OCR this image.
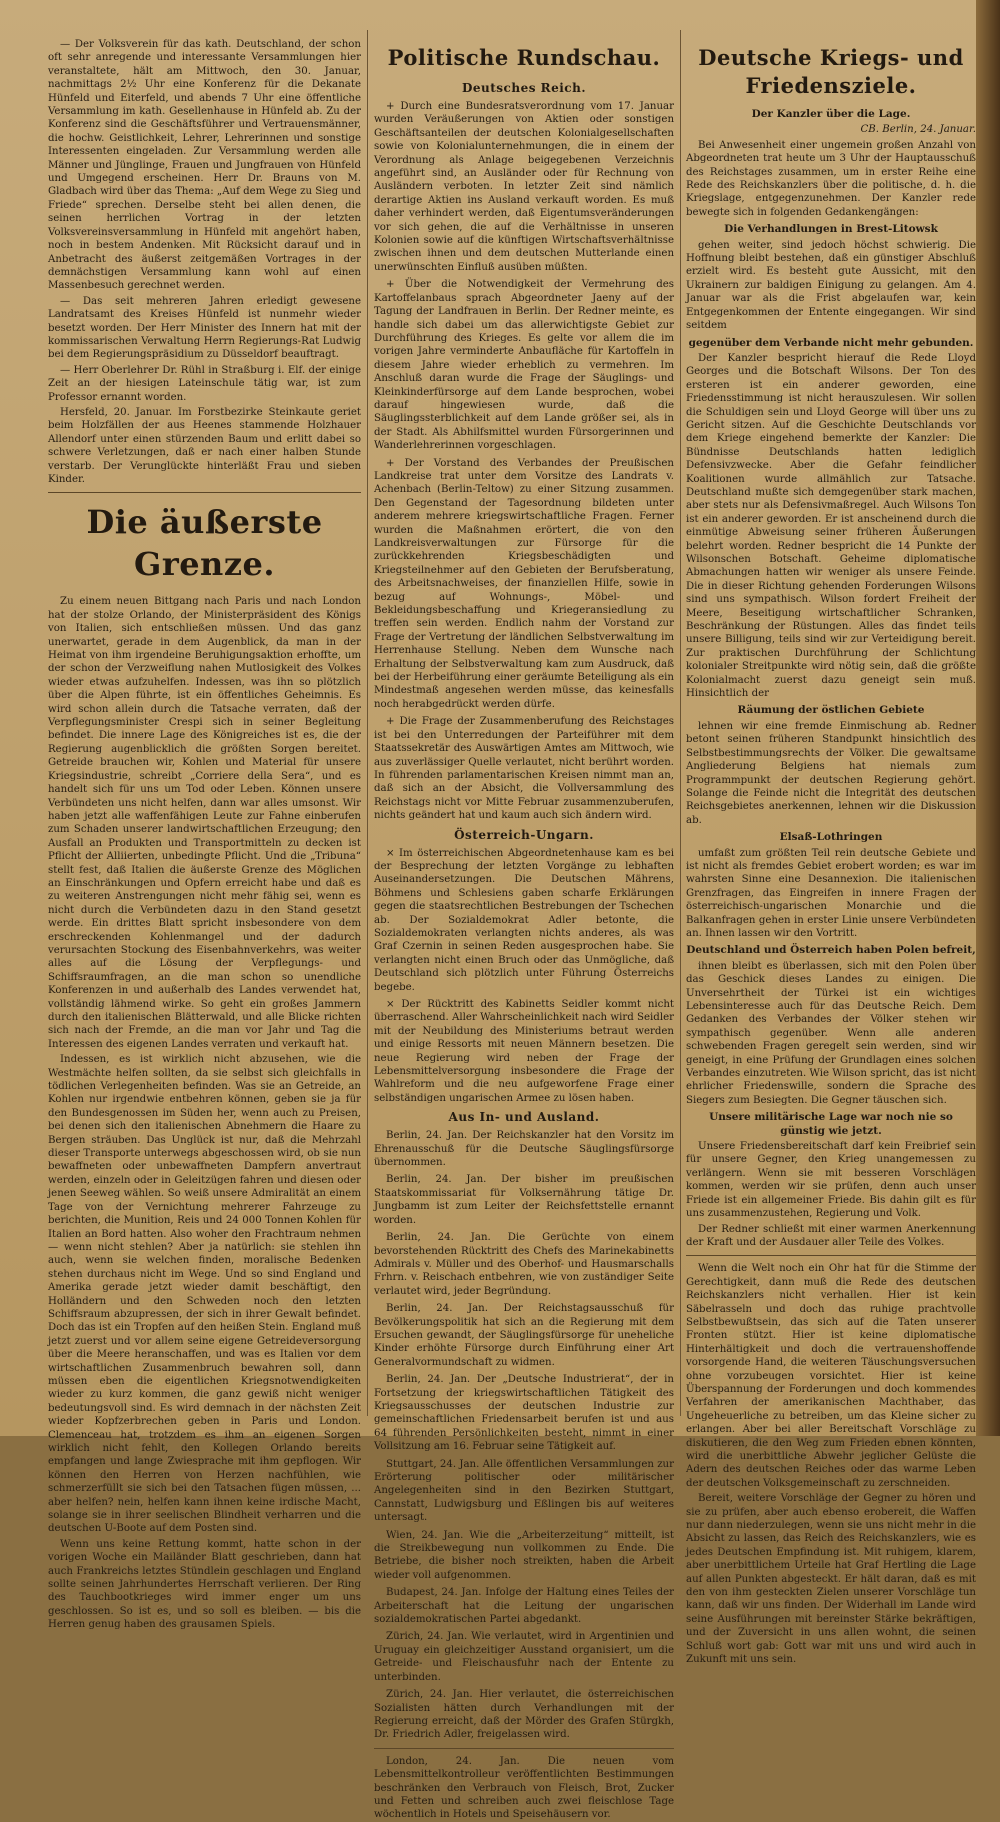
— Der Volksverein für das kath. Deutschland, der schon oft sehr anregende und interessante Versammlungen hier veranstaltete, hält am Mittwoch, den 30. Januar, nachmittags 2½ Uhr eine Konferenz für die Dekanate Hünfeld und Eiterfeld, und abends 7 Uhr eine öffentliche Versammlung im kath. Gesellenhause in Hünfeld ab. Zu der Konferenz sind die Geschäftsführer und Vertrauensmänner, die hochw. Geistlichkeit, Lehrer, Lehrerinnen und sonstige Interessenten eingeladen. Zur Versammlung werden alle Männer und Jünglinge, Frauen und Jungfrauen von Hünfeld und Umgegend erscheinen. Herr Dr. Brauns von M. Gladbach wird über das Thema: „Auf dem Wege zu Sieg und Friede“ sprechen. Derselbe steht bei allen denen, die seinen herrlichen Vortrag in der letzten Volksvereinsversammlung in Hünfeld mit angehört haben, noch in bestem Andenken. Mit Rücksicht darauf und in Anbetracht des äußerst zeitgemäßen Vortrages in der demnächstigen Versammlung kann wohl auf einen Massenbesuch gerechnet werden.

— Das seit mehreren Jahren erledigt gewesene Landratsamt des Kreises Hünfeld ist nunmehr wieder besetzt worden. Der Herr Minister des Innern hat mit der kommissarischen Verwaltung Herrn Regierungs-Rat Ludwig bei dem Regierungspräsidium zu Düsseldorf beauftragt.

— Herr Oberlehrer Dr. Rühl in Straßburg i. Elf. der einige Zeit an der hiesigen Lateinschule tätig war, ist zum Professor ernannt worden.

Hersfeld, 20. Januar. Im Forstbezirke Steinkaute geriet beim Holzfällen der aus Heenes stammende Holzhauer Allendorf unter einen stürzenden Baum und erlitt dabei so schwere Verletzungen, daß er nach einer halben Stunde verstarb. Der Verunglückte hinterläßt Frau und sieben Kinder.

Die äußerste Grenze.

Zu einem neuen Bittgang nach Paris und nach London hat der stolze Orlando, der Ministerpräsident des Königs von Italien, sich entschließen müssen. Und das ganz unerwartet, gerade in dem Augenblick, da man in der Heimat von ihm irgendeine Beruhigungsaktion erhoffte, um der schon der Verzweiflung nahen Mutlosigkeit des Volkes wieder etwas aufzuhelfen. Indessen, was ihn so plötzlich über die Alpen führte, ist ein öffentliches Geheimnis. Es wird schon allein durch die Tatsache verraten, daß der Verpflegungsminister Crespi sich in seiner Begleitung befindet. Die innere Lage des Königreiches ist es, die der Regierung augenblicklich die größten Sorgen bereitet. Getreide brauchen wir, Kohlen und Material für unsere Kriegsindustrie, schreibt „Corriere della Sera“, und es handelt sich für uns um Tod oder Leben. Können unsere Verbündeten uns nicht helfen, dann war alles umsonst. Wir haben jetzt alle waffenfähigen Leute zur Fahne einberufen zum Schaden unserer landwirtschaftlichen Erzeugung; den Ausfall an Produkten und Transportmitteln zu decken ist Pflicht der Alliierten, unbedingte Pflicht. Und die „Tribuna“ stellt fest, daß Italien die äußerste Grenze des Möglichen an Einschränkungen und Opfern erreicht habe und daß es zu weiteren Anstrengungen nicht mehr fähig sei, wenn es nicht durch die Verbündeten dazu in den Stand gesetzt werde. Ein drittes Blatt spricht insbesondere von dem erschreckenden Kohlenmangel und der dadurch verursachten Stockung des Eisenbahnverkehrs, was weiter alles auf die Lösung der Verpflegungs- und Schiffsraumfragen, an die man schon so unendliche Konferenzen in und außerhalb des Landes verwendet hat, vollständig lähmend wirke. So geht ein großes Jammern durch den italienischen Blätterwald, und alle Blicke richten sich nach der Fremde, an die man vor Jahr und Tag die Interessen des eigenen Landes verraten und verkauft hat.

Indessen, es ist wirklich nicht abzusehen, wie die Westmächte helfen sollten, da sie selbst sich gleichfalls in tödlichen Verlegenheiten befinden. Was sie an Getreide, an Kohlen nur irgendwie entbehren können, geben sie ja für den Bundesgenossen im Süden her, wenn auch zu Preisen, bei denen sich den italienischen Abnehmern die Haare zu Bergen sträuben. Das Unglück ist nur, daß die Mehrzahl dieser Transporte unterwegs abgeschossen wird, ob sie nun bewaffneten oder unbewaffneten Dampfern anvertraut werden, einzeln oder in Geleitzügen fahren und diesen oder jenen Seeweg wählen. So weiß unsere Admiralität an einem Tage von der Vernichtung mehrerer Fahrzeuge zu berichten, die Munition, Reis und 24 000 Tonnen Kohlen für Italien an Bord hatten. Also woher den Frachtraum nehmen — wenn nicht stehlen? Aber ja natürlich: sie stehlen ihn auch, wenn sie welchen finden, moralische Bedenken stehen durchaus nicht im Wege. Und so sind England und Amerika gerade jetzt wieder damit beschäftigt, den Holländern und den Schweden noch den letzten Schiffsraum abzupressen, der sich in ihrer Gewalt befindet. Doch das ist ein Tropfen auf den heißen Stein. England muß jetzt zuerst und vor allem seine eigene Getreideversorgung über die Meere heranschaffen, und was es Italien vor dem wirtschaftlichen Zusammenbruch bewahren soll, dann müssen eben die eigentlichen Kriegsnotwendigkeiten wieder zu kurz kommen, die ganz gewiß nicht weniger bedeutungsvoll sind. Es wird demnach in der nächsten Zeit wieder Kopfzerbrechen geben in Paris und London. Clemenceau hat, trotzdem es ihm an eigenen Sorgen wirklich nicht fehlt, den Kollegen Orlando bereits empfangen und lange Zwiesprache mit ihm gepflogen. Wir können den Herren von Herzen nachfühlen, wie schmerzerfüllt sie sich bei den Tatsachen fügen müssen, ... aber helfen? nein, helfen kann ihnen keine irdische Macht, solange sie in ihrer seelischen Blindheit verharren und die deutschen U-Boote auf dem Posten sind.

Wenn uns keine Rettung kommt, hatte schon in der vorigen Woche ein Mailänder Blatt geschrieben, dann hat auch Frankreichs letztes Stündlein geschlagen und England sollte seinen Jahrhundertes Herrschaft verlieren. Der Ring des Tauchbootkrieges wird immer enger um uns geschlossen. So ist es, und so soll es bleiben. — bis die Herren genug haben des grausamen Spiels.

Politische Rundschau.
Deutsches Reich.

+ Durch eine Bundesratsverordnung vom 17. Januar wurden Veräußerungen von Aktien oder sonstigen Geschäftsanteilen der deutschen Kolonialgesellschaften sowie von Kolonialunternehmungen, die in einem der Verordnung als Anlage beigegebenen Verzeichnis angeführt sind, an Ausländer oder für Rechnung von Ausländern verboten. In letzter Zeit sind nämlich derartige Aktien ins Ausland verkauft worden. Es muß daher verhindert werden, daß Eigentumsveränderungen vor sich gehen, die auf die Verhältnisse in unseren Kolonien sowie auf die künftigen Wirtschaftsverhältnisse zwischen ihnen und dem deutschen Mutterlande einen unerwünschten Einfluß ausüben müßten.

+ Über die Notwendigkeit der Vermehrung des Kartoffelanbaus sprach Abgeordneter Jaeny auf der Tagung der Landfrauen in Berlin. Der Redner meinte, es handle sich dabei um das allerwichtigste Gebiet zur Durchführung des Krieges. Es gelte vor allem die im vorigen Jahre verminderte Anbaufläche für Kartoffeln in diesem Jahre wieder erheblich zu vermehren. Im Anschluß daran wurde die Frage der Säuglings- und Kleinkinderfürsorge auf dem Lande besprochen, wobei darauf hingewiesen wurde, daß die Säuglingssterblichkeit auf dem Lande größer sei, als in der Stadt. Als Abhilfsmittel wurden Fürsorgerinnen und Wanderlehrerinnen vorgeschlagen.

+ Der Vorstand des Verbandes der Preußischen Landkreise trat unter dem Vorsitze des Landrats v. Achenbach (Berlin-Teltow) zu einer Sitzung zusammen. Den Gegenstand der Tagesordnung bildeten unter anderem mehrere kriegswirtschaftliche Fragen. Ferner wurden die Maßnahmen erörtert, die von den Landkreisverwaltungen zur Fürsorge für die zurückkehrenden Kriegsbeschädigten und Kriegsteilnehmer auf den Gebieten der Berufsberatung, des Arbeitsnachweises, der finanziellen Hilfe, sowie in bezug auf Wohnungs-, Möbel- und Bekleidungsbeschaffung und Kriegeransiedlung zu treffen sein werden. Endlich nahm der Vorstand zur Frage der Vertretung der ländlichen Selbstverwaltung im Herrenhause Stellung. Neben dem Wunsche nach Erhaltung der Selbstverwaltung kam zum Ausdruck, daß bei der Herbeiführung einer geräumte Beteiligung als ein Mindestmaß angesehen werden müsse, das keinesfalls noch herabgedrückt werden dürfe.

+ Die Frage der Zusammenberufung des Reichstages ist bei den Unterredungen der Parteiführer mit dem Staatssekretär des Auswärtigen Amtes am Mittwoch, wie aus zuverlässiger Quelle verlautet, nicht berührt worden. In führenden parlamentarischen Kreisen nimmt man an, daß sich an der Absicht, die Vollversammlung des Reichstags nicht vor Mitte Februar zusammenzuberufen, nichts geändert hat und kaum auch sich ändern wird.

Österreich-Ungarn.

× Im österreichischen Abgeordnetenhause kam es bei der Besprechung der letzten Vorgänge zu lebhaften Auseinandersetzungen. Die Deutschen Mährens, Böhmens und Schlesiens gaben scharfe Erklärungen gegen die staatsrechtlichen Bestrebungen der Tschechen ab. Der Sozialdemokrat Adler betonte, die Sozialdemokraten verlangten nichts anderes, als was Graf Czernin in seinen Reden ausgesprochen habe. Sie verlangten nicht einen Bruch oder das Unmögliche, daß Deutschland sich plötzlich unter Führung Österreichs begebe.

× Der Rücktritt des Kabinetts Seidler kommt nicht überraschend. Aller Wahrscheinlichkeit nach wird Seidler mit der Neubildung des Ministeriums betraut werden und einige Ressorts mit neuen Männern besetzen. Die neue Regierung wird neben der Frage der Lebensmittelversorgung insbesondere die Frage der Wahlreform und die neu aufgeworfene Frage einer selbständigen ungarischen Armee zu lösen haben.

Aus In- und Ausland.

Berlin, 24. Jan. Der Reichskanzler hat den Vorsitz im Ehrenausschuß für die Deutsche Säuglingsfürsorge übernommen.

Berlin, 24. Jan. Der bisher im preußischen Staatskommissariat für Volksernährung tätige Dr. Jungbamm ist zum Leiter der Reichsfettstelle ernannt worden.

Berlin, 24. Jan. Die Gerüchte von einem bevorstehenden Rücktritt des Chefs des Marinekabinetts Admirals v. Müller und des Oberhof- und Hausmarschalls Frhrn. v. Reischach entbehren, wie von zuständiger Seite verlautet wird, jeder Begründung.

Berlin, 24. Jan. Der Reichstagsausschuß für Bevölkerungspolitik hat sich an die Regierung mit dem Ersuchen gewandt, der Säuglingsfürsorge für uneheliche Kinder erhöhte Fürsorge durch Einführung einer Art Generalvormundschaft zu widmen.

Berlin, 24. Jan. Der „Deutsche Industrierat“, der in Fortsetzung der kriegswirtschaftlichen Tätigkeit des Kriegsausschusses der deutschen Industrie zur gemeinschaftlichen Friedensarbeit berufen ist und aus 64 führenden Persönlichkeiten besteht, nimmt in einer Vollsitzung am 16. Februar seine Tätigkeit auf.

Stuttgart, 24. Jan. Alle öffentlichen Versammlungen zur Erörterung politischer oder militärischer Angelegenheiten sind in den Bezirken Stuttgart, Cannstatt, Ludwigsburg und Eßlingen bis auf weiteres untersagt.

Wien, 24. Jan. Wie die „Arbeiterzeitung“ mitteilt, ist die Streikbewegung nun vollkommen zu Ende. Die Betriebe, die bisher noch streikten, haben die Arbeit wieder voll aufgenommen.

Budapest, 24. Jan. Infolge der Haltung eines Teiles der Arbeiterschaft hat die Leitung der ungarischen sozialdemokratischen Partei abgedankt.

Zürich, 24. Jan. Wie verlautet, wird in Argentinien und Uruguay ein gleichzeitiger Ausstand organisiert, um die Getreide- und Fleischausfuhr nach der Entente zu unterbinden.

Zürich, 24. Jan. Hier verlautet, die österreichischen Sozialisten hätten durch Verhandlungen mit der Regierung erreicht, daß der Mörder des Grafen Stürgkh, Dr. Friedrich Adler, freigelassen wird.

London, 24. Jan. Die neuen vom Lebensmittelkontrolleur veröffentlichten Bestimmungen beschränken den Verbrauch von Fleisch, Brot, Zucker und Fetten und schreiben auch zwei fleischlose Tage wöchentlich in Hotels und Speisehäusern vor.

Deutsche Kriegs- und Friedensziele.
Der Kanzler über die Lage.
CB. Berlin, 24. Januar.

Bei Anwesenheit einer ungemein großen Anzahl von Abgeordneten trat heute um 3 Uhr der Hauptausschuß des Reichstages zusammen, um in erster Reihe eine Rede des Reichskanzlers über die politische, d. h. die Kriegslage, entgegenzunehmen. Der Kanzler rede bewegte sich in folgenden Gedankengängen:

Die Verhandlungen in Brest-Litowsk

gehen weiter, sind jedoch höchst schwierig. Die Hoffnung bleibt bestehen, daß ein günstiger Abschluß erzielt wird. Es besteht gute Aussicht, mit den Ukrainern zur baldigen Einigung zu gelangen. Am 4. Januar war als die Frist abgelaufen war, kein Entgegenkommen der Entente eingegangen. Wir sind seitdem

gegenüber dem Verbande nicht mehr gebunden.

Der Kanzler bespricht hierauf die Rede Lloyd Georges und die Botschaft Wilsons. Der Ton des ersteren ist ein anderer geworden, eine Friedensstimmung ist nicht herauszulesen. Wir sollen die Schuldigen sein und Lloyd George will über uns zu Gericht sitzen. Auf die Geschichte Deutschlands vor dem Kriege eingehend bemerkte der Kanzler: Die Bündnisse Deutschlands hatten lediglich Defensivzwecke. Aber die Gefahr feindlicher Koalitionen wurde allmählich zur Tatsache. Deutschland mußte sich demgegenüber stark machen, aber stets nur als Defensivmaßregel. Auch Wilsons Ton ist ein anderer geworden. Er ist anscheinend durch die einmütige Abweisung seiner früheren Äußerungen belehrt worden. Redner bespricht die 14 Punkte der Wilsonschen Botschaft. Geheime diplomatische Abmachungen hatten wir weniger als unsere Feinde. Die in dieser Richtung gehenden Forderungen Wilsons sind uns sympathisch. Wilson fordert Freiheit der Meere, Beseitigung wirtschaftlicher Schranken, Beschränkung der Rüstungen. Alles das findet teils unsere Billigung, teils sind wir zur Verteidigung bereit. Zur praktischen Durchführung der Schlichtung kolonialer Streitpunkte wird nötig sein, daß die größte Kolonialmacht zuerst dazu geneigt sein muß. Hinsichtlich der

Räumung der östlichen Gebiete

lehnen wir eine fremde Einmischung ab. Redner betont seinen früheren Standpunkt hinsichtlich des Selbstbestimmungsrechts der Völker. Die gewaltsame Angliederung Belgiens hat niemals zum Programmpunkt der deutschen Regierung gehört. Solange die Feinde nicht die Integrität des deutschen Reichsgebietes anerkennen, lehnen wir die Diskussion ab.

Elsaß-Lothringen

umfaßt zum größten Teil rein deutsche Gebiete und ist nicht als fremdes Gebiet erobert worden; es war im wahrsten Sinne eine Desannexion. Die italienischen Grenzfragen, das Eingreifen in innere Fragen der österreichisch-ungarischen Monarchie und die Balkanfragen gehen in erster Linie unsere Verbündeten an. Ihnen lassen wir den Vortritt.

Deutschland und Österreich haben Polen befreit,

ihnen bleibt es überlassen, sich mit den Polen über das Geschick dieses Landes zu einigen. Die Unversehrtheit der Türkei ist ein wichtiges Lebensinteresse auch für das Deutsche Reich. Dem Gedanken des Verbandes der Völker stehen wir sympathisch gegenüber. Wenn alle anderen schwebenden Fragen geregelt sein werden, sind wir geneigt, in eine Prüfung der Grundlagen eines solchen Verbandes einzutreten. Wie Wilson spricht, das ist nicht ehrlicher Friedenswille, sondern die Sprache des Siegers zum Besiegten. Die Gegner täuschen sich.

Unsere militärische Lage war noch nie so günstig wie jetzt.

Unsere Friedensbereitschaft darf kein Freibrief sein für unsere Gegner, den Krieg unangemessen zu verlängern. Wenn sie mit besseren Vorschlägen kommen, werden wir sie prüfen, denn auch unser Friede ist ein allgemeiner Friede. Bis dahin gilt es für uns zusammenzustehen, Regierung und Volk.

Der Redner schließt mit einer warmen Anerkennung der Kraft und der Ausdauer aller Teile des Volkes.

Wenn die Welt noch ein Ohr hat für die Stimme der Gerechtigkeit, dann muß die Rede des deutschen Reichskanzlers nicht verhallen. Hier ist kein Säbelrasseln und doch das ruhige prachtvolle Selbstbewußtsein, das sich auf die Taten unserer Fronten stützt. Hier ist keine diplomatische Hinterhältigkeit und doch die vertrauenshoffende vorsorgende Hand, die weiteren Täuschungsversuchen ohne vorzubeugen vorsichtet. Hier ist keine Überspannung der Forderungen und doch kommendes Verfahren der amerikanischen Machthaber, das Ungeheuerliche zu betreiben, um das Kleine sicher zu erlangen. Aber bei aller Bereitschaft Vorschläge zu diskutieren, die den Weg zum Frieden ebnen könnten, wird die unerbittliche Abwehr jeglicher Gelüste die Adern des deutschen Reiches oder das warme Leben der deutschen Volksgemeinschaft zu zerschneiden.

Bereit, weitere Vorschläge der Gegner zu hören und sie zu prüfen, aber auch ebenso erobereit, die Waffen nur dann niederzulegen, wenn sie uns nicht mehr in die Absicht zu lassen, das Reich des Reichskanzlers, wie es jedes Deutschen Empfindung ist. Mit ruhigem, klarem, aber unerbittlichem Urteile hat Graf Hertling die Lage auf allen Punkten abgesteckt. Er hält daran, daß es mit den von ihm gesteckten Zielen unserer Vorschläge tun kann, daß wir uns finden. Der Widerhall im Lande wird seine Ausführungen mit bereinster Stärke bekräftigen, und der Zuversicht in uns allen wohnt, die seinen Schluß wort gab: Gott war mit uns und wird auch in Zukunft mit uns sein.
